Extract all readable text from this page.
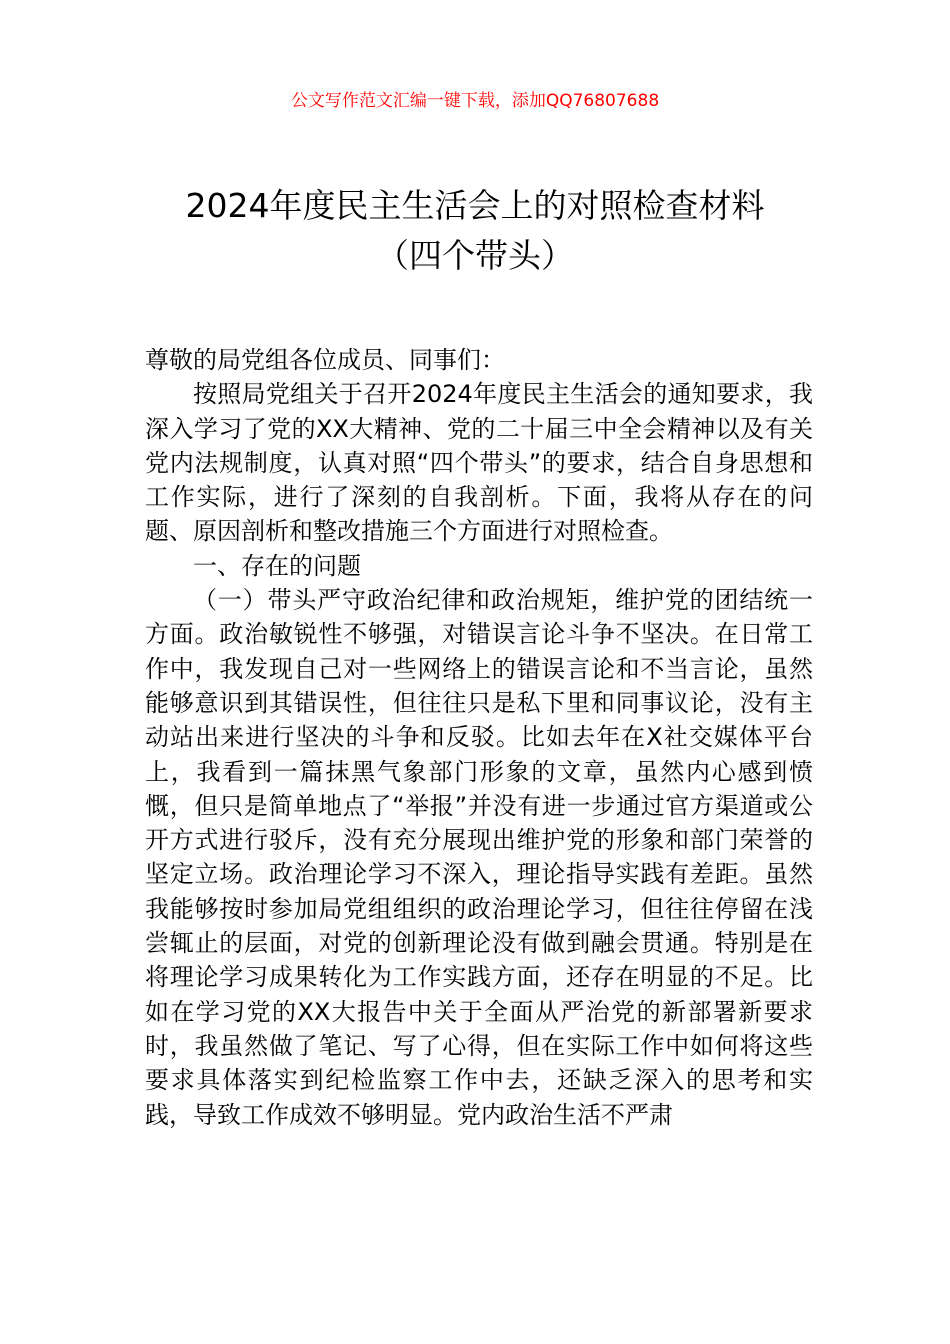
公文写作范文汇编一键下载，添加QQ76807688

2024年度民主生活会上的对照检查材料
（四个带头）

尊敬的局党组各位成员、同事们：

按照局党组关于召开2024年度民主生活会的通知要求，我深入学习了党的XX大精神、党的二十届三中全会精神以及有关党内法规制度，认真对照“四个带头”的要求，结合自身思想和工作实际，进行了深刻的自我剖析。下面，我将从存在的问题、原因剖析和整改措施三个方面进行对照检查。

一、存在的问题

（一）带头严守政治纪律和政治规矩，维护党的团结统一方面。政治敏锐性不够强，对错误言论斗争不坚决。在日常工作中，我发现自己对一些网络上的错误言论和不当言论，虽然能够意识到其错误性，但往往只是私下里和同事议论，没有主动站出来进行坚决的斗争和反驳。比如去年在X社交媒体平台上，我看到一篇抹黑气象部门形象的文章，虽然内心感到愤慨，但只是简单地点了“举报”并没有进一步通过官方渠道或公开方式进行驳斥，没有充分展现出维护党的形象和部门荣誉的坚定立场。政治理论学习不深入，理论指导实践有差距。虽然我能够按时参加局党组组织的政治理论学习，但往往停留在浅尝辄止的层面，对党的创新理论没有做到融会贯通。特别是在将理论学习成果转化为工作实践方面，还存在明显的不足。比如在学习党的XX大报告中关于全面从严治党的新部署新要求时，我虽然做了笔记、写了心得，但在实际工作中如何将这些要求具体落实到纪检监察工作中去，还缺乏深入的思考和实践，导致工作成效不够明显。党内政治生活不严肃
